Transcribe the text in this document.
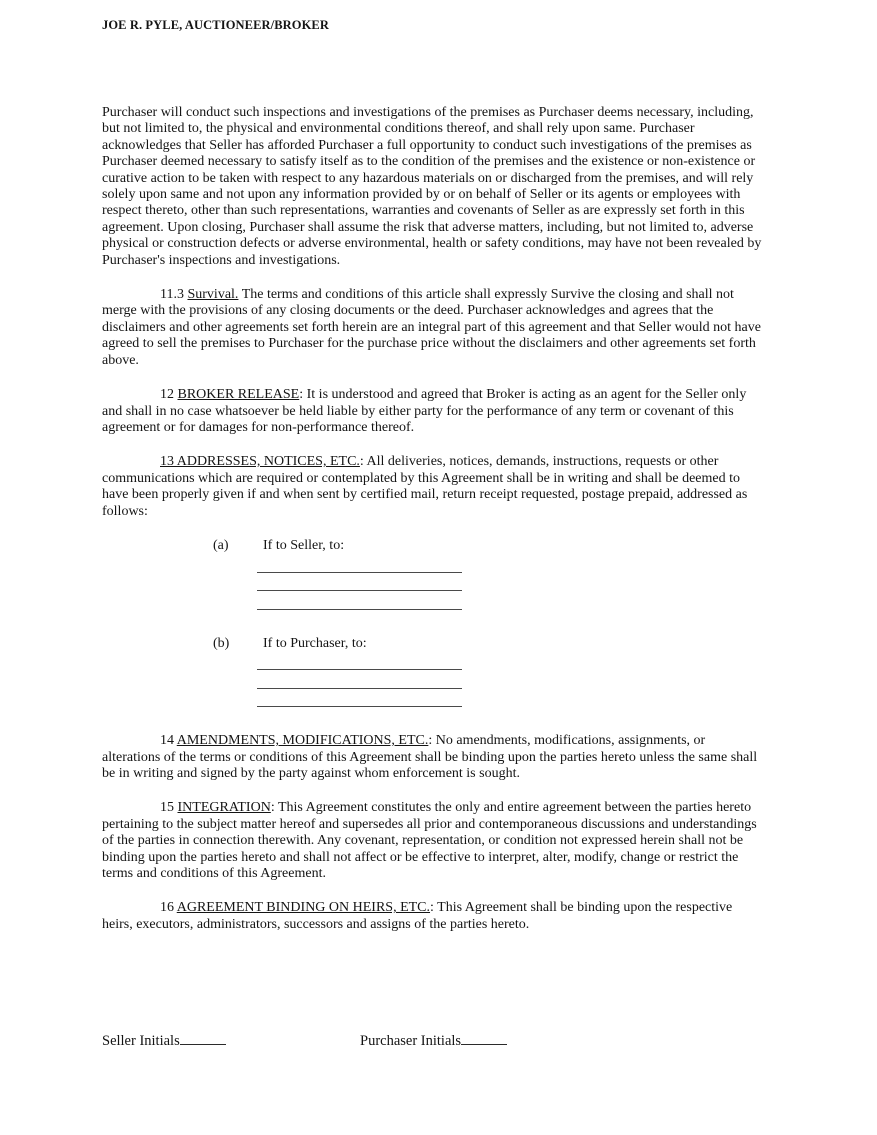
JOE R. PYLE, AUCTIONEER/BROKER

Purchaser will conduct such inspections and investigations of the premises as Purchaser deems necessary, including, but not limited to, the physical and environmental conditions thereof, and shall rely upon same. Purchaser acknowledges that Seller has afforded Purchaser a full opportunity to conduct such investigations of the premises as Purchaser deemed necessary to satisfy itself as to the condition of the premises and the existence or non-existence or curative action to be taken with respect to any hazardous materials on or discharged from the premises, and will rely solely upon same and not upon any information provided by or on behalf of Seller or its agents or employees with respect thereto, other than such representations, warranties and covenants of Seller as are expressly set forth in this agreement. Upon closing, Purchaser shall assume the risk that adverse matters, including, but not limited to, adverse physical or construction defects or adverse environmental, health or safety conditions, may have not been revealed by Purchaser's inspections and investigations.

11.3 Survival. The terms and conditions of this article shall expressly Survive the closing and shall not merge with the provisions of any closing documents or the deed. Purchaser acknowledges and agrees that the disclaimers and other agreements set forth herein are an integral part of this agreement and that Seller would not have agreed to sell the premises to Purchaser for the purchase price without the disclaimers and other agreements set forth above.

12 BROKER RELEASE: It is understood and agreed that Broker is acting as an agent for the Seller only and shall in no case whatsoever be held liable by either party for the performance of any term or covenant of this agreement or for damages for non-performance thereof.

13 ADDRESSES, NOTICES, ETC.: All deliveries, notices, demands, instructions, requests or other communications which are required or contemplated by this Agreement shall be in writing and shall be deemed to have been properly given if and when sent by certified mail, return receipt requested, postage prepaid, addressed as follows:

(a)	If to Seller, to:
(b)	If to Purchaser, to:

14 AMENDMENTS, MODIFICATIONS, ETC.: No amendments, modifications, assignments, or alterations of the terms or conditions of this Agreement shall be binding upon the parties hereto unless the same shall be in writing and signed by the party against whom enforcement is sought.

15 INTEGRATION: This Agreement constitutes the only and entire agreement between the parties hereto pertaining to the subject matter hereof and supersedes all prior and contemporaneous discussions and understandings of the parties in connection therewith. Any covenant, representation, or condition not expressed herein shall not be binding upon the parties hereto and shall not affect or be effective to interpret, alter, modify, change or restrict the terms and conditions of this Agreement.

16 AGREEMENT BINDING ON HEIRS, ETC.: This Agreement shall be binding upon the respective heirs, executors, administrators, successors and assigns of the parties hereto.

Seller Initials	Purchaser Initials
